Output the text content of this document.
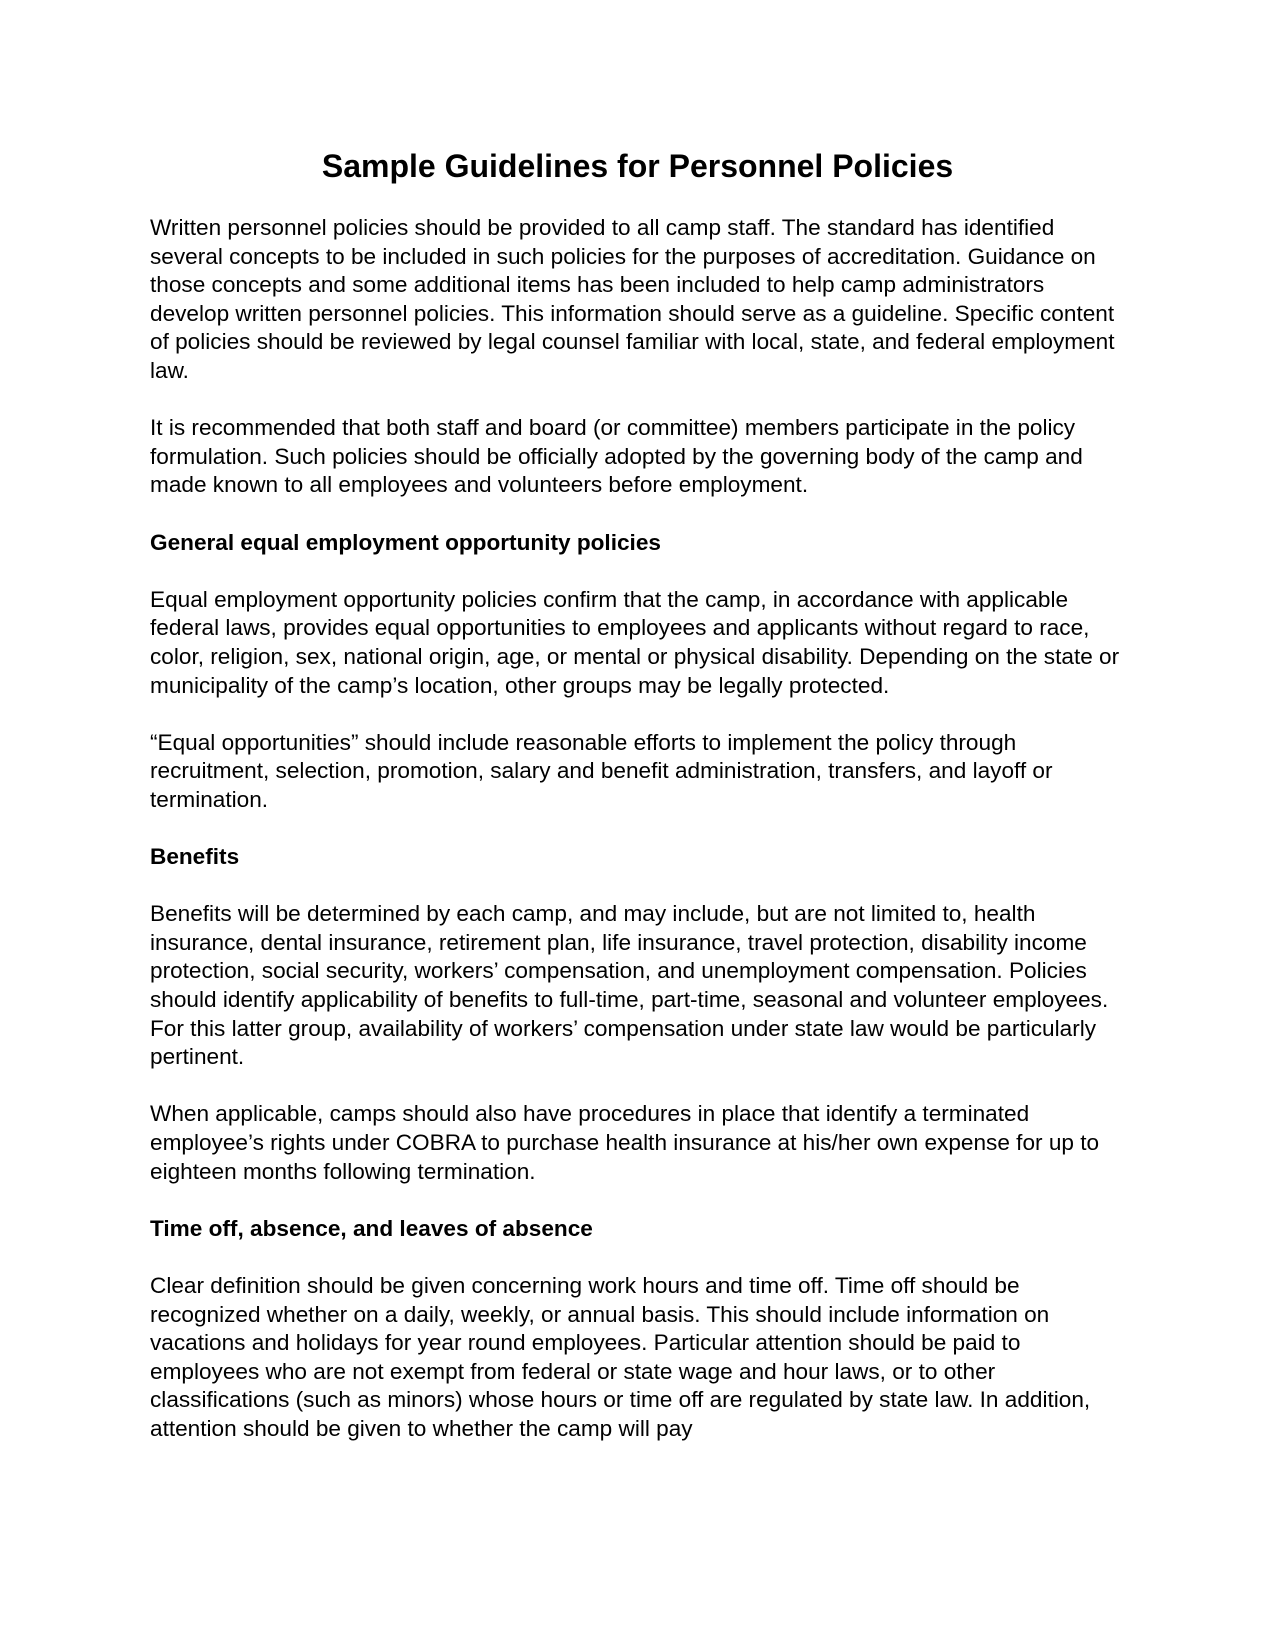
Sample Guidelines for Personnel Policies

Written personnel policies should be provided to all camp staff. The standard has identified several concepts to be included in such policies for the purposes of accreditation. Guidance on those concepts and some additional items has been included to help camp administrators develop written personnel policies. This information should serve as a guideline. Specific content of policies should be reviewed by legal counsel familiar with local, state, and federal employment law.

It is recommended that both staff and board (or committee) members participate in the policy formulation. Such policies should be officially adopted by the governing body of the camp and made known to all employees and volunteers before employment.

General equal employment opportunity policies

Equal employment opportunity policies confirm that the camp, in accordance with applicable federal laws, provides equal opportunities to employees and applicants without regard to race, color, religion, sex, national origin, age, or mental or physical disability. Depending on the state or municipality of the camp’s location, other groups may be legally protected.

“Equal opportunities” should include reasonable efforts to implement the policy through recruitment, selection, promotion, salary and benefit administration, transfers, and layoff or termination.

Benefits

Benefits will be determined by each camp, and may include, but are not limited to, health insurance, dental insurance, retirement plan, life insurance, travel protection, disability income protection, social security, workers’ compensation, and unemployment compensation. Policies should identify applicability of benefits to full-time, part-time, seasonal and volunteer employees. For this latter group, availability of workers’ compensation under state law would be particularly pertinent.

When applicable, camps should also have procedures in place that identify a terminated employee’s rights under COBRA to purchase health insurance at his/her own expense for up to eighteen months following termination.

Time off, absence, and leaves of absence

Clear definition should be given concerning work hours and time off. Time off should be recognized whether on a daily, weekly, or annual basis. This should include information on vacations and holidays for year round employees. Particular attention should be paid to employees who are not exempt from federal or state wage and hour laws, or to other classifications (such as minors) whose hours or time off are regulated by state law. In addition, attention should be given to whether the camp will pay
